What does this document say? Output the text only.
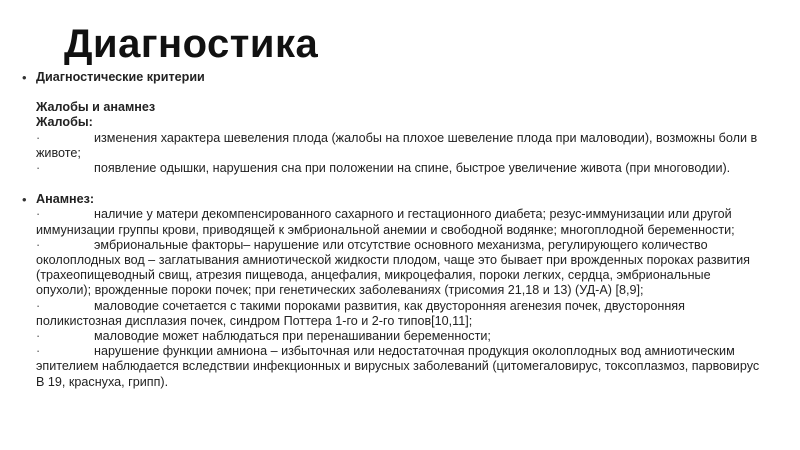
Диагностика
• Диагностические критерии
Жалобы и анамнез
Жалобы:
·	изменения характера шевеления плода (жалобы на плохое шевеление плода при маловодии), возможны боли в животе;
·	появление одышки, нарушения сна при положении на спине, быстрое увеличение живота (при многоводии).
• Анамнез:
·	наличие у матери декомпенсированного сахарного и гестационного диабета; резус-иммунизации или другой иммунизации группы крови, приводящей к эмбриональной анемии и свободной водянке; многоплодной беременности;
·	эмбриональные факторы– нарушение или отсутствие основного механизма, регулирующего количество околоплодных вод – заглатывания амниотической жидкости плодом, чаще это бывает при врожденных пороках развития (трахеопищеводный свищ, атрезия пищевода, анцефалия, микроцефалия, пороки легких, сердца, эмбриональные опухоли); врожденные пороки почек; при генетических заболеваниях (трисомия 21,18 и 13) (УД-А) [8,9];
·	маловодие сочетается с такими пороками развития, как двусторонняя агенезия почек, двусторонняя поликистозная дисплазия почек, синдром Поттера 1-го и 2-го типов[10,11];
·	маловодие может наблюдаться при перенашивании беременности;
·	нарушение функции амниона – избыточная или недостаточная продукция околоплодных вод амниотическим эпителием наблюдается вследствии инфекционных и вирусных заболеваний (цитомегаловирус, токсоплазмоз, парвовирус В 19, краснуха, грипп).
